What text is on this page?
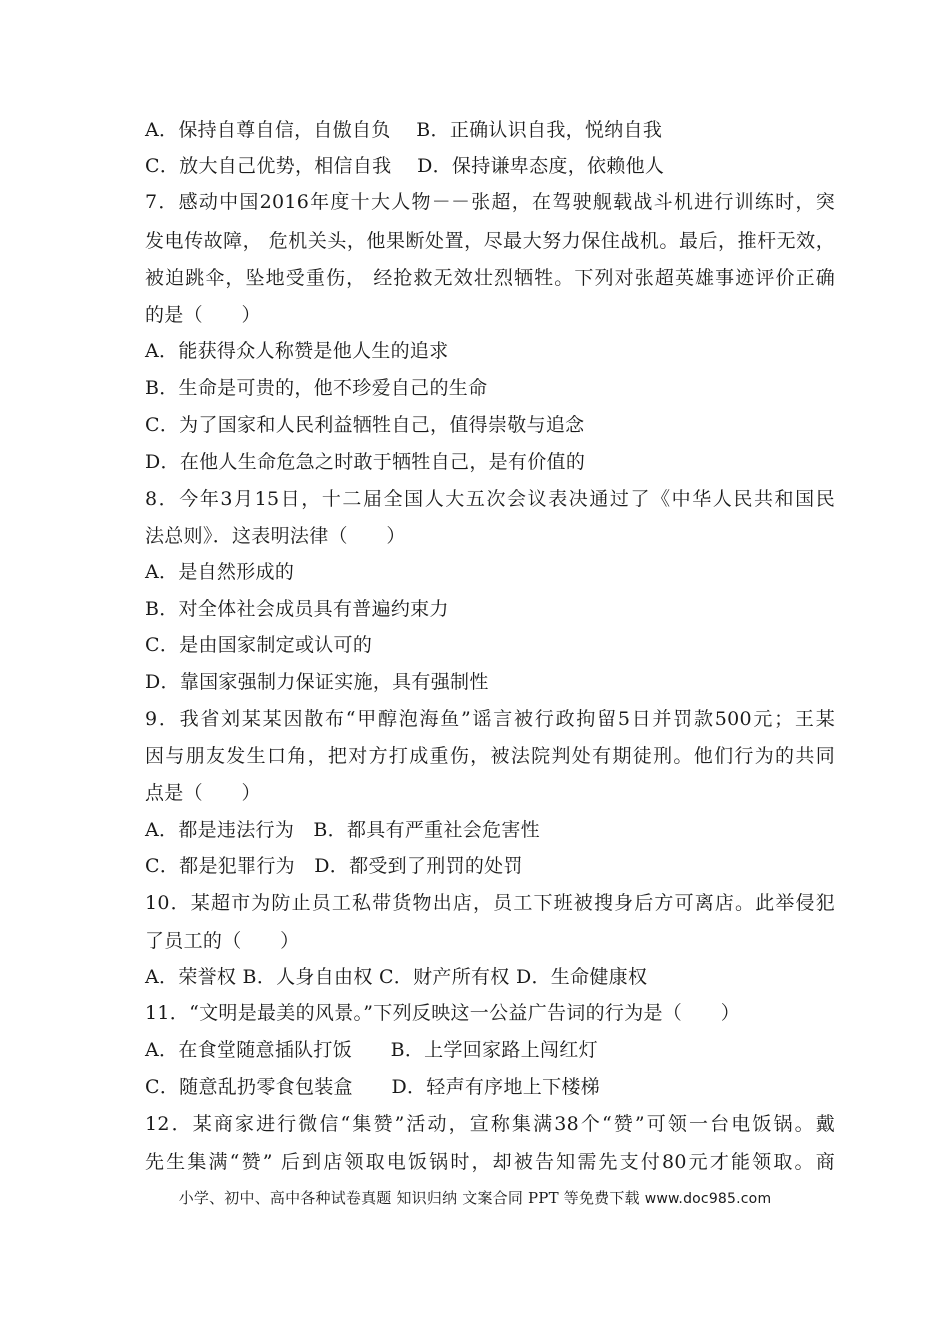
A．保持自尊自信，自傲自负　 B．正确认识自我，悦纳自我
C．放大自己优势，相信自我　 D．保持谦卑态度，依赖他人
7．感动中国2016年度十大人物－－张超，在驾驶舰载战斗机进行训练时，突
发电传故障， 危机关头，他果断处置，尽最大努力保住战机。最后，推杆无效，
被迫跳伞，坠地受重伤， 经抢救无效壮烈牺牲。下列对张超英雄事迹评价正确
的是（　　）
A．能获得众人称赞是他人生的追求
B．生命是可贵的，他不珍爱自己的生命
C．为了国家和人民利益牺牲自己，值得崇敬与追念
D．在他人生命危急之时敢于牺牲自己，是有价值的
8．今年3月15日，十二届全国人大五次会议表决通过了《中华人民共和国民
法总则》．这表明法律（　　）
A．是自然形成的
B．对全体社会成员具有普遍约束力
C．是由国家制定或认可的
D．靠国家强制力保证实施，具有强制性
9．我省刘某某因散布“甲醇泡海鱼”谣言被行政拘留5日并罚款500元；王某
因与朋友发生口角，把对方打成重伤，被法院判处有期徒刑。他们行为的共同
点是（　　）
A．都是违法行为　B．都具有严重社会危害性
C．都是犯罪行为　D．都受到了刑罚的处罚
10．某超市为防止员工私带货物出店，员工下班被搜身后方可离店。此举侵犯
了员工的（　　）
A．荣誉权 B．人身自由权 C．财产所有权 D．生命健康权
11．“文明是最美的风景。”下列反映这一公益广告词的行为是（　　）
A．在食堂随意插队打饭　　B．上学回家路上闯红灯
C．随意乱扔零食包装盒　　D．轻声有序地上下楼梯
12．某商家进行微信“集赞”活动，宣称集满38个“赞”可领一台电饭锅。戴
先生集满“赞” 后到店领取电饭锅时，却被告知需先支付80元才能领取。商
小学、初中、高中各种试卷真题 知识归纳 文案合同 PPT 等免费下载 www.doc985.com
